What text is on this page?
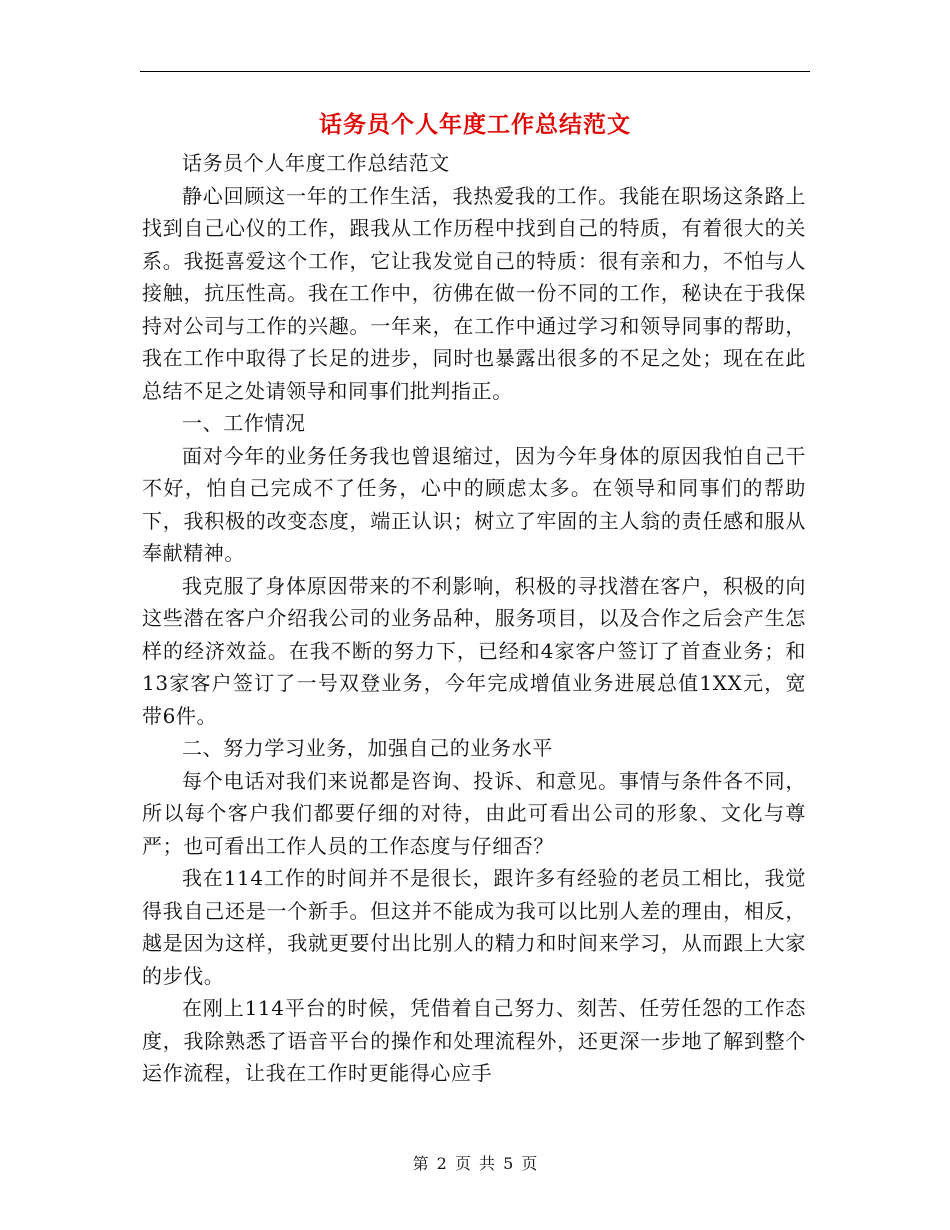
话务员个人年度工作总结范文

话务员个人年度工作总结范文

静心回顾这一年的工作生活，我热爱我的工作。我能在职场这条路上找到自己心仪的工作，跟我从工作历程中找到自己的特质，有着很大的关系。我挺喜爱这个工作，它让我发觉自己的特质：很有亲和力，不怕与人接触，抗压性高。我在工作中，彷佛在做一份不同的工作，秘诀在于我保持对公司与工作的兴趣。一年来，在工作中通过学习和领导同事的帮助，我在工作中取得了长足的进步，同时也暴露出很多的不足之处；现在在此总结不足之处请领导和同事们批判指正。

一、工作情况

面对今年的业务任务我也曾退缩过，因为今年身体的原因我怕自己干不好，怕自己完成不了任务，心中的顾虑太多。在领导和同事们的帮助下，我积极的改变态度，端正认识；树立了牢固的主人翁的责任感和服从奉献精神。

我克服了身体原因带来的不利影响，积极的寻找潜在客户，积极的向这些潜在客户介绍我公司的业务品种，服务项目，以及合作之后会产生怎样的经济效益。在我不断的努力下，已经和4家客户签订了首查业务；和13家客户签订了一号双登业务，今年完成增值业务进展总值1XX元，宽带6件。

二、努力学习业务，加强自己的业务水平

每个电话对我们来说都是咨询、投诉、和意见。事情与条件各不同，所以每个客户我们都要仔细的对待，由此可看出公司的形象、文化与尊严；也可看出工作人员的工作态度与仔细否？

我在114工作的时间并不是很长，跟许多有经验的老员工相比，我觉得我自己还是一个新手。但这并不能成为我可以比别人差的理由，相反，越是因为这样，我就更要付出比别人的精力和时间来学习，从而跟上大家的步伐。

在刚上114平台的时候，凭借着自己努力、刻苦、任劳任怨的工作态度，我除熟悉了语音平台的操作和处理流程外，还更深一步地了解到整个运作流程，让我在工作时更能得心应手

第 2 页 共 5 页
